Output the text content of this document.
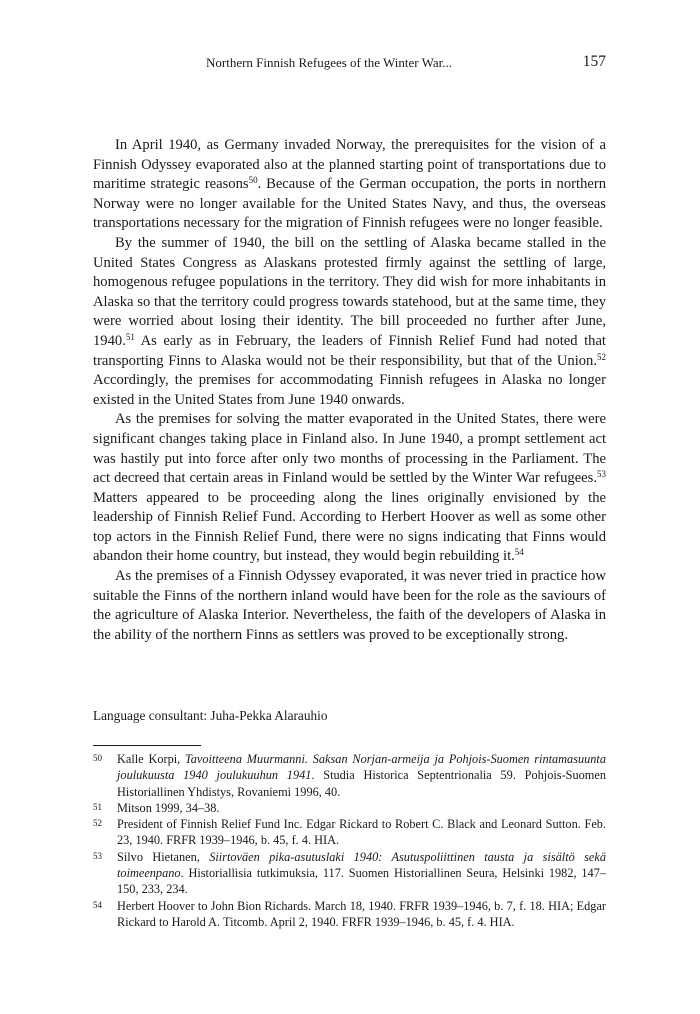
Northern Finnish Refugees of the Winter War...	157

In April 1940, as Germany invaded Norway, the prerequisites for the vision of a Finnish Odyssey evaporated also at the planned starting point of transportations due to maritime strategic reasons$^{50}$. Because of the German occupation, the ports in northern Norway were no longer available for the United States Navy, and thus, the overseas transportations necessary for the migration of Finnish refugees were no longer feasible.

By the summer of 1940, the bill on the settling of Alaska became stalled in the United States Congress as Alaskans protested firmly against the settling of large, homogenous refugee populations in the territory. They did wish for more inhabitants in Alaska so that the territory could progress towards statehood, but at the same time, they were worried about losing their identity. The bill proceeded no further after June, 1940.51 As early as in February, the leaders of Finnish Relief Fund had noted that transporting Finns to Alaska would not be their responsibility, but that of the Union.$^{52}$ Accordingly, the premises for accommodating Finnish refugees in Alaska no longer existed in the United States from June 1940 onwards.

As the premises for solving the matter evaporated in the United States, there were significant changes taking place in Finland also. In June 1940, a prompt settlement act was hastily put into force after only two months of processing in the Parliament. The act decreed that certain areas in Finland would be settled by the Winter War refugees.$^{53}$ Matters appeared to be proceeding along the lines originally envisioned by the leadership of Finnish Relief Fund. According to Herbert Hoover as well as some other top actors in the Finnish Relief Fund, there were no signs indicating that Finns would abandon their home country, but instead, they would begin rebuilding it.$^{54}$

As the premises of a Finnish Odyssey evaporated, it was never tried in practice how suitable the Finns of the northern inland would have been for the role as the saviours of the agriculture of Alaska Interior. Nevertheless, the faith of the developers of Alaska in the ability of the northern Finns as settlers was proved to be exceptionally strong.

Language consultant: Juha-Pekka Alarauhio
50	Kalle Korpi, Tavoitteena Muurmanni. Saksan Norjan-armeija ja Pohjois-Suomen rintamasuunta joulukuusta 1940 joulukuuhun 1941. Studia Historica Septentrionalia 59. Pohjois-Suomen Historiallinen Yhdistys, Rovaniemi 1996, 40.
51	Mitson 1999, 34–38.
52	President of Finnish Relief Fund Inc. Edgar Rickard to Robert C. Black and Leonard Sutton. Feb. 23, 1940. FRFR 1939–1946, b. 45, f. 4. HIA.
53	Silvo Hietanen, Siirtoväen pika-asutuslaki 1940: Asutuspoliittinen tausta ja sisältö sekä toimeenpano. Historiallisia tutkimuksia, 117. Suomen Historiallinen Seura, Helsinki 1982, 147–150, 233, 234.
54	Herbert Hoover to John Bion Richards. March 18, 1940. FRFR 1939–1946, b. 7, f. 18. HIA; Edgar Rickard to Harold A. Titcomb. April 2, 1940. FRFR 1939–1946, b. 45, f. 4. HIA.
